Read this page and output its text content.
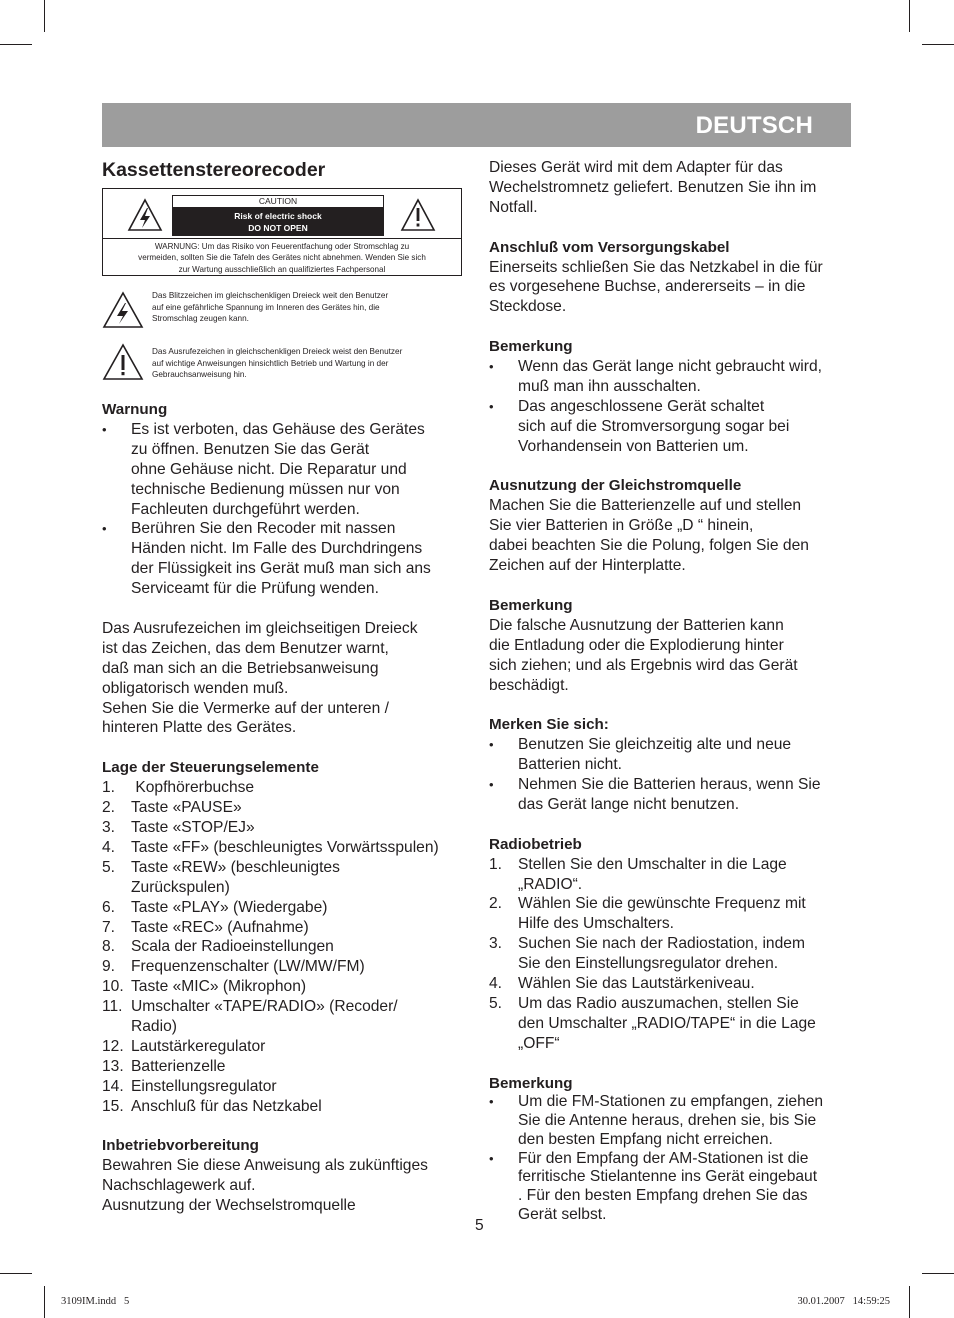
DEUTSCH
Kassettenstereorecoder
CAUTION
Risk of electric shock
DO NOT OPEN
WARNUNG: Um das Risiko von Feuerentfachung oder Stromschlag zu
vermeiden, sollten Sie die Tafeln des Gerätes nicht abnehmen. Wenden Sie sich
zur Wartung ausschließlich an qualifiziertes Fachpersonal
Das Blitzzeichen im gleichschenkligen Dreieck weit den Benutzer
auf eine gefährliche Spannung im Inneren des Gerätes hin, die
Stromschlag zeugen kann.
Das Ausrufezeichen in gleichschenkligen Dreieck weist den Benutzer
auf wichtige Anweisungen hinsichtlich Betrieb und Wartung in der
Gebrauchsanweisung hin.
Warnung
• Es ist verboten, das Gehäuse des Gerätes
zu öffnen. Benutzen Sie das Gerät
ohne Gehäuse nicht. Die Reparatur und
technische Bedienung müssen nur von
Fachleuten durchgeführt werden.
• Berühren Sie den Recoder mit nassen
Händen nicht. Im Falle des Durchdringens
der Flüssigkeit ins Gerät muß man sich ans
Serviceamt für die Prüfung wenden.

Das Ausrufezeichen im gleichseitigen Dreieck
ist das Zeichen, das dem Benutzer warnt,
daß man sich an die Betriebsanweisung
obligatorisch wenden muß.
Sehen Sie die Vermerke auf der unteren /
hinteren Platte des Gerätes.

Lage der Steuerungselemente
1. Kopfhörerbuchse
2. Taste «PAUSE»
3. Taste «STOP/EJ»
4. Taste «FF» (beschleunigtes Vorwärtsspulen)
5. Taste «REW» (beschleunigtes
Zurückspulen)
6. Taste «PLAY» (Wiedergabe)
7. Taste «REC» (Aufnahme)
8. Scala der Radioeinstellungen
9. Frequenzenschalter (LW/MW/FM)
10. Taste «MIC» (Mikrophon)
11. Umschalter «TAPE/RADIO» (Recoder/
Radio)
12. Lautstärkeregulator
13. Batterienzelle
14. Einstellungsregulator
15. Anschluß für das Netzkabel
Inbetriebvorbereitung

Bewahren Sie diese Anweisung als zukünftiges
Nachschlagewerk auf.
Ausnutzung der Wechselstromquelle

Dieses Gerät wird mit dem Adapter für das
Wechelstromnetz geliefert. Benutzen Sie ihn im
Notfall.

Anschluß vom Versorgungskabel

Einerseits schließen Sie das Netzkabel in die für
es vorgesehene Buchse, andererseits – in die
Steckdose.

Bemerkung
• Wenn das Gerät lange nicht gebraucht wird,
muß man ihn ausschalten.
• Das angeschlossene Gerät schaltet
sich auf die Stromversorgung sogar bei
Vorhandensein von Batterien um.
Ausnutzung der Gleichstromquelle

Machen Sie die Batterienzelle auf und stellen
Sie vier Batterien in Größe „D “ hinein,
dabei beachten Sie die Polung, folgen Sie den
Zeichen auf der Hinterplatte.

Bemerkung

Die falsche Ausnutzung der Batterien kann
die Entladung oder die Explodierung hinter
sich ziehen; und als Ergebnis wird das Gerät
beschädigt.

Merken Sie sich:
• Benutzen Sie gleichzeitig alte und neue
Batterien nicht.
• Nehmen Sie die Batterien heraus, wenn Sie
das Gerät lange nicht benutzen.
Radiobetrieb
1. Stellen Sie den Umschalter in die Lage
„RADIO“.
2. Wählen Sie die gewünschte Frequenz mit
Hilfe des Umschalters.
3. Suchen Sie nach der Radiostation, indem
Sie den Einstellungsregulator drehen.
4. Wählen Sie das Lautstärkeniveau.
5. Um das Radio auszumachen, stellen Sie
den Umschalter „RADIO/TAPE“ in die Lage
„OFF“
Bemerkung
• Um die FM-Stationen zu empfangen, ziehen
Sie die Antenne heraus, drehen sie, bis Sie
den besten Empfang nicht erreichen.
• Für den Empfang der AM-Stationen ist die
ferritische Stielantenne ins Gerät eingebaut
. Für den besten Empfang drehen Sie das
Gerät selbst.
5
3109IM.indd   5	30.01.2007   14:59:25
